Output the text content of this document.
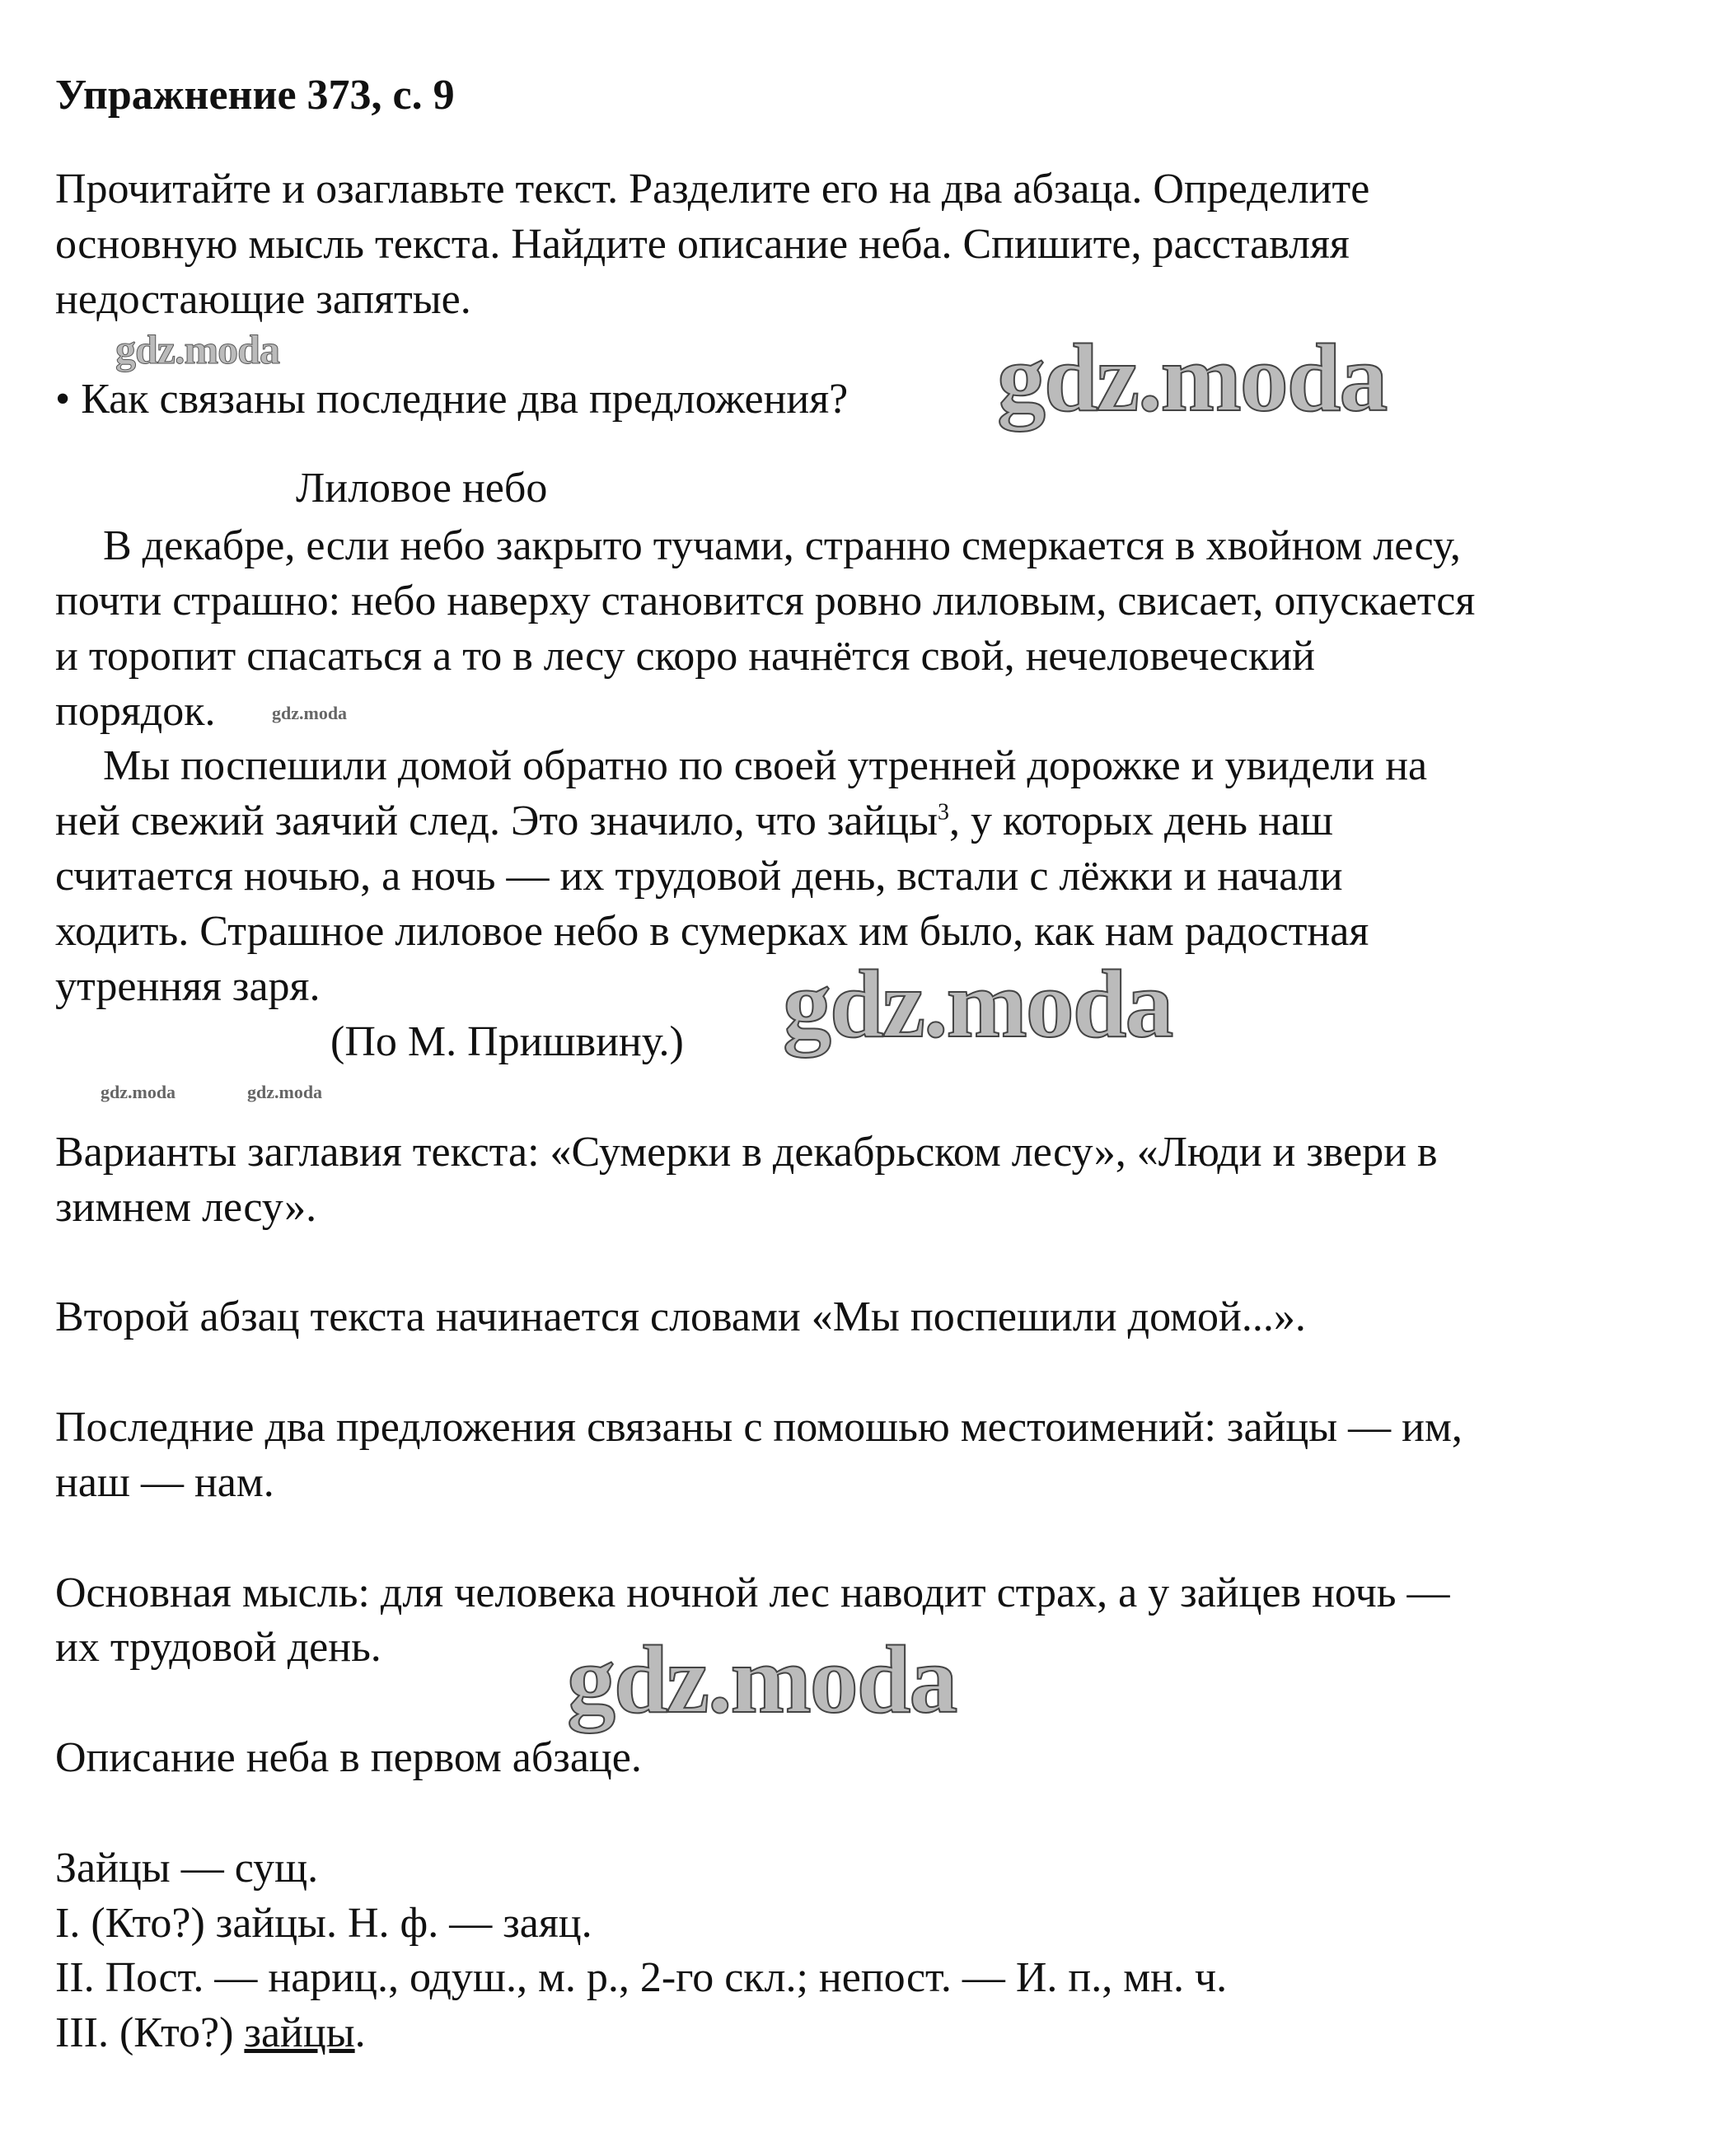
Упражнение 373, с. 9
Прочитайте и озаглавьте текст. Разделите его на два абзаца. Определите
основную мысль текста. Найдите описание неба. Спишите, расставляя
недостающие запятые.
• Как связаны последние два предложения?
Лиловое небо
В декабре, если небо закрыто тучами, странно смеркается в хвойном лесу,
почти страшно: небо наверху становится ровно лиловым, свисает, опускается
и торопит спасаться а то в лесу скоро начнётся свой, нечеловеческий
порядок.
Мы поспешили домой обратно по своей утренней дорожке и увидели на
ней свежий заячий след. Это значило, что зайцы$^3$, у которых день наш
считается ночью, а ночь — их трудовой день, встали с лёжки и начали
ходить. Страшное лиловое небо в сумерках им было, как нам радостная
утренняя заря.
(По М. Пришвину.)
Варианты заглавия текста: «Сумерки в декабрьском лесу», «Люди и звери в
зимнем лесу».
Второй абзац текста начинается словами «Мы поспешили домой...».
Последние два предложения связаны с помошью местоимений: зайцы — им,
наш — нам.
Основная мысль: для человека ночной лес наводит страх, а у зайцев ночь —
их трудовой день.
Описание неба в первом абзаце.
Зайцы — сущ.
I. (Кто?) зайцы. Н. ф. — заяц.
II. Пост. — нариц., одуш., м. р., 2-го скл.; непост. — И. п., мн. ч.
III. (Кто?) зайцы.
gdz.moda	gdz.moda
gdz.moda
gdz.moda
gdz.moda
gdz.moda
gdz.moda
